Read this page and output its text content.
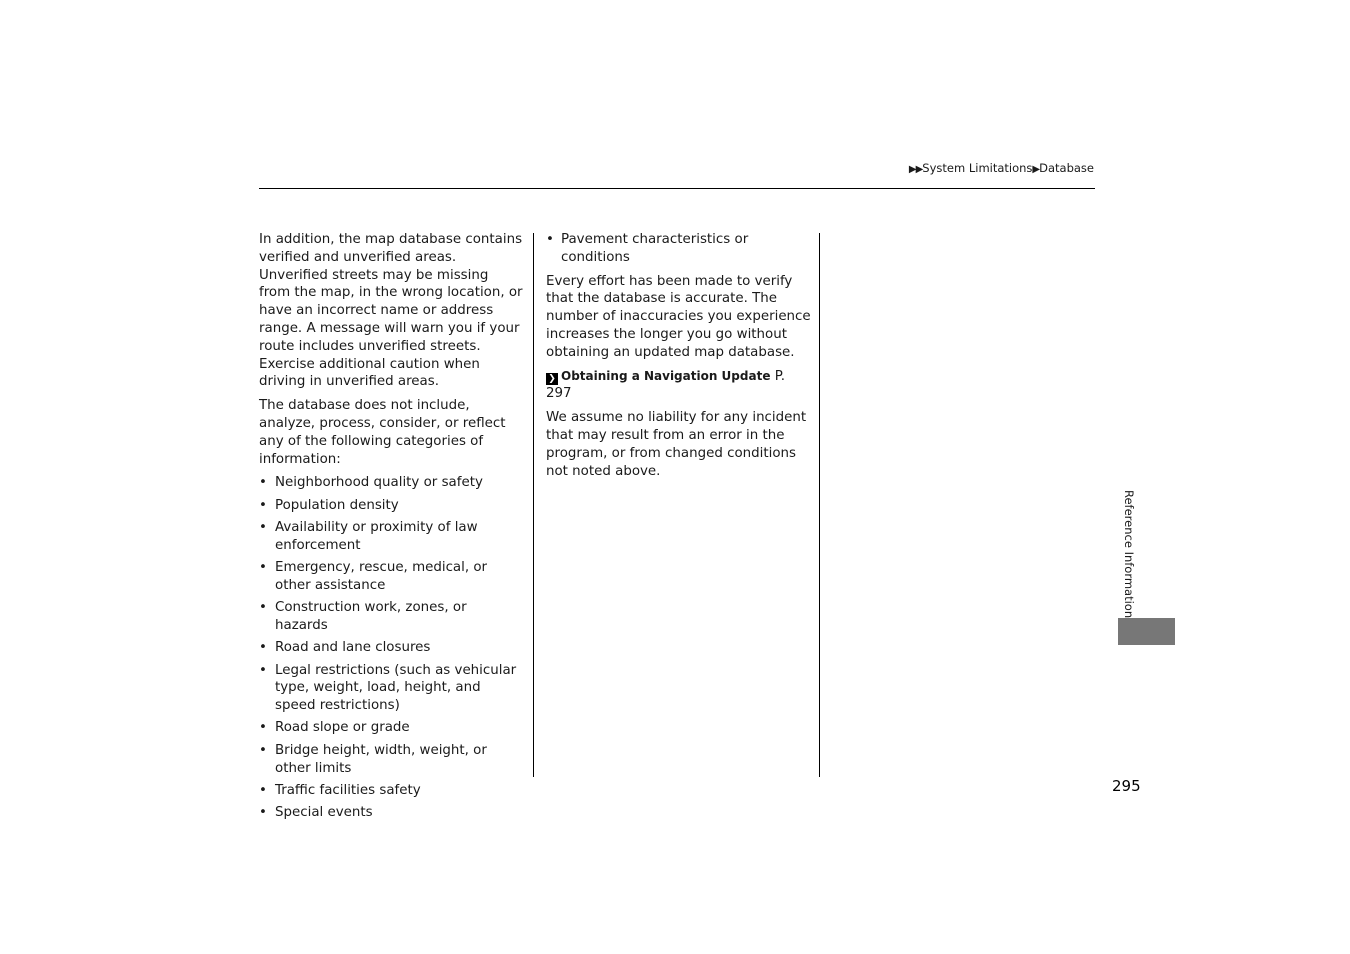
▶▶System Limitations▶Database

In addition, the map database contains verified and unverified areas. Unverified streets may be missing from the map, in the wrong location, or have an incorrect name or address range. A message will warn you if your route includes unverified streets. Exercise additional caution when driving in unverified areas.

The database does not include, analyze, process, consider, or reflect any of the following categories of information:

• Neighborhood quality or safety
• Population density
• Availability or proximity of law enforcement
• Emergency, rescue, medical, or other assistance
• Construction work, zones, or hazards
• Road and lane closures
• Legal restrictions (such as vehicular type, weight, load, height, and speed restrictions)
• Road slope or grade
• Bridge height, width, weight, or other limits
• Traffic facilities safety
• Special events
• Pavement characteristics or conditions

Every effort has been made to verify that the database is accurate. The number of inaccuracies you experience increases the longer you go without obtaining an updated map database.

❯ Obtaining a Navigation Update P. 297

We assume no liability for any incident that may result from an error in the program, or from changed conditions not noted above.

Reference Information
295
